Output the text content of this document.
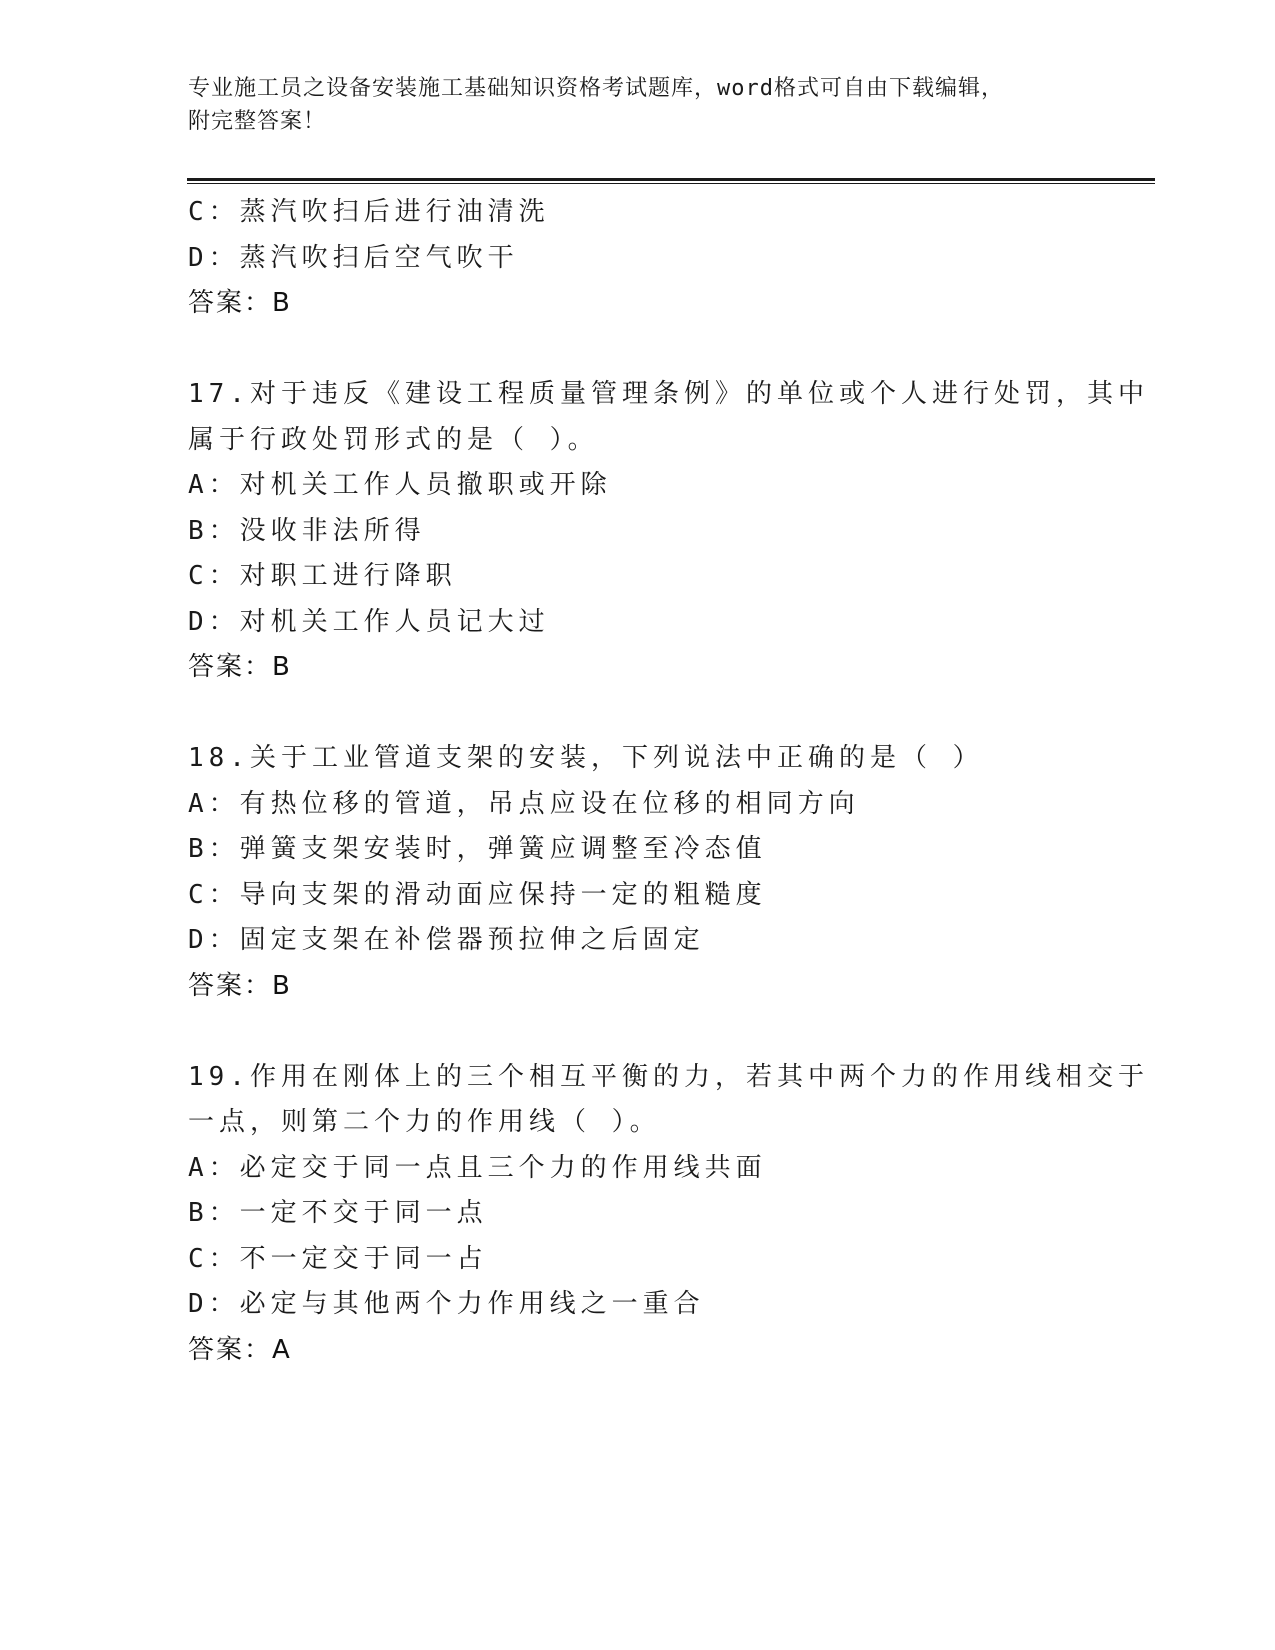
专业施工员之设备安装施工基础知识资格考试题库，word格式可自由下载编辑，
附完整答案！
C：蒸汽吹扫后进行油清洗
D：蒸汽吹扫后空气吹干
答案：B
17.对于违反《建设工程质量管理条例》的单位或个人进行处罚，其中
属于行政处罚形式的是（ ）。
A：对机关工作人员撤职或开除
B：没收非法所得
C：对职工进行降职
D：对机关工作人员记大过
答案：B
18.关于工业管道支架的安装，下列说法中正确的是（ ）
A：有热位移的管道，吊点应设在位移的相同方向
B：弹簧支架安装时，弹簧应调整至冷态值
C：导向支架的滑动面应保持一定的粗糙度
D：固定支架在补偿器预拉伸之后固定
答案：B
19.作用在刚体上的三个相互平衡的力，若其中两个力的作用线相交于
一点，则第二个力的作用线（ ）。
A：必定交于同一点且三个力的作用线共面
B：一定不交于同一点
C：不一定交于同一占
D：必定与其他两个力作用线之一重合
答案：A
